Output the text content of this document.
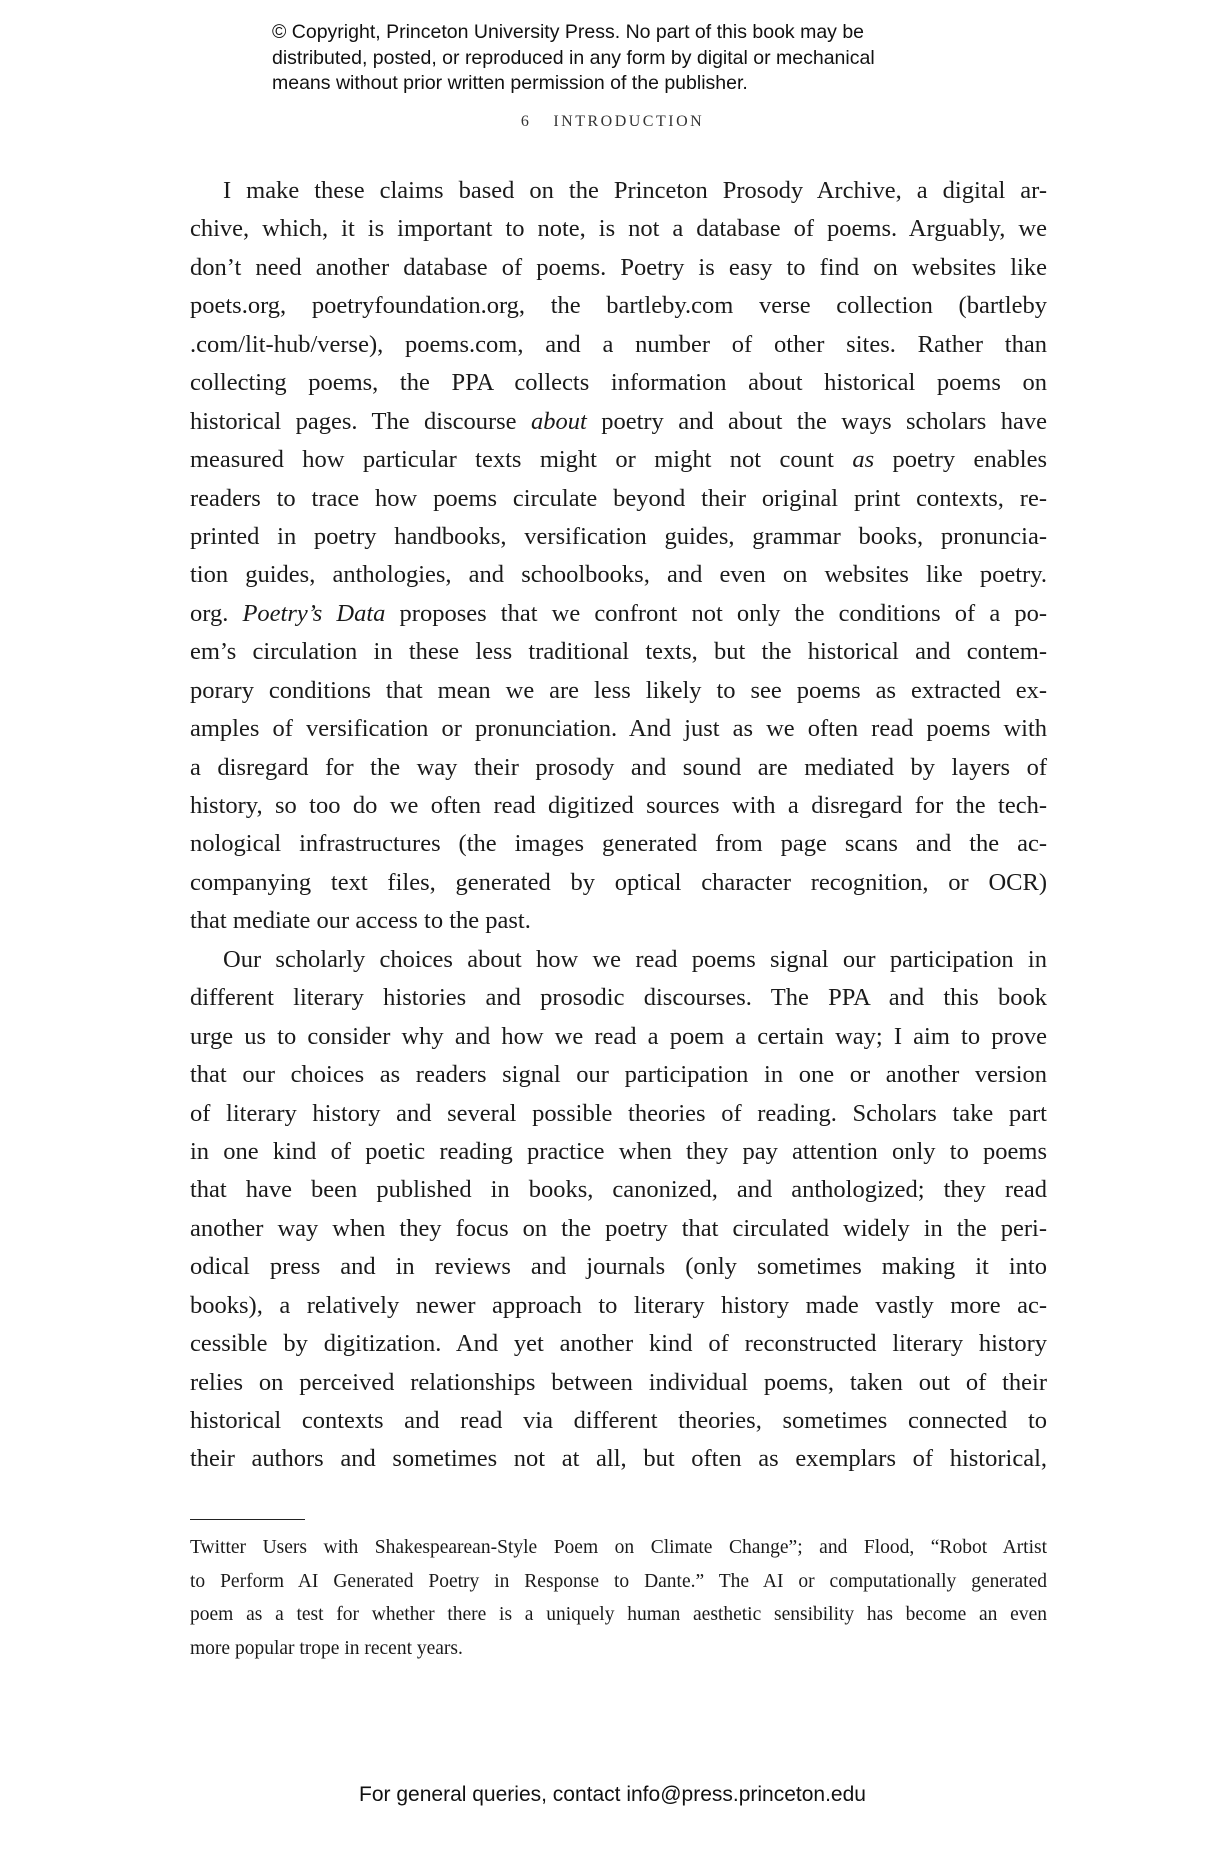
© Copyright, Princeton University Press. No part of this book may be
distributed, posted, or reproduced in any form by digital or mechanical
means without prior written permission of the publisher.
6 INTRODUCTION
I make these claims based on the Princeton Prosody Archive, a digital ar-
chive, which, it is important to note, is not a database of poems. Arguably, we
don’t need another database of poems. Poetry is easy to find on websites like
poets.org, poetryfoundation.org, the bartleby.com verse collection (bartleby
.com/lit-hub/verse), poems.com, and a number of other sites. Rather than
collecting poems, the PPA collects information about historical poems on
historical pages. The discourse about poetry and about the ways scholars have
measured how particular texts might or might not count as poetry enables
readers to trace how poems circulate beyond their original print contexts, re-
printed in poetry handbooks, versification guides, grammar books, pronuncia-
tion guides, anthologies, and schoolbooks, and even on websites like poetry.
org. Poetry’s Data proposes that we confront not only the conditions of a po-
em’s circulation in these less traditional texts, but the historical and contem-
porary conditions that mean we are less likely to see poems as extracted ex-
amples of versification or pronunciation. And just as we often read poems with
a disregard for the way their prosody and sound are mediated by layers of
history, so too do we often read digitized sources with a disregard for the tech-
nological infrastructures (the images generated from page scans and the ac-
companying text files, generated by optical character recognition, or OCR)
that mediate our access to the past.
Our scholarly choices about how we read poems signal our participation in
different literary histories and prosodic discourses. The PPA and this book
urge us to consider why and how we read a poem a certain way; I aim to prove
that our choices as readers signal our participation in one or another version
of literary history and several possible theories of reading. Scholars take part
in one kind of poetic reading practice when they pay attention only to poems
that have been published in books, canonized, and anthologized; they read
another way when they focus on the poetry that circulated widely in the peri-
odical press and in reviews and journals (only sometimes making it into
books), a relatively newer approach to literary history made vastly more ac-
cessible by digitization. And yet another kind of reconstructed literary history
relies on perceived relationships between individual poems, taken out of their
historical contexts and read via different theories, sometimes connected to
their authors and sometimes not at all, but often as exemplars of historical,
Twitter Users with Shakespearean-Style Poem on Climate Change”; and Flood, “Robot Artist
to Perform AI Generated Poetry in Response to Dante.” The AI or computationally generated
poem as a test for whether there is a uniquely human aesthetic sensibility has become an even
more popular trope in recent years.
For general queries, contact info@press.princeton.edu
